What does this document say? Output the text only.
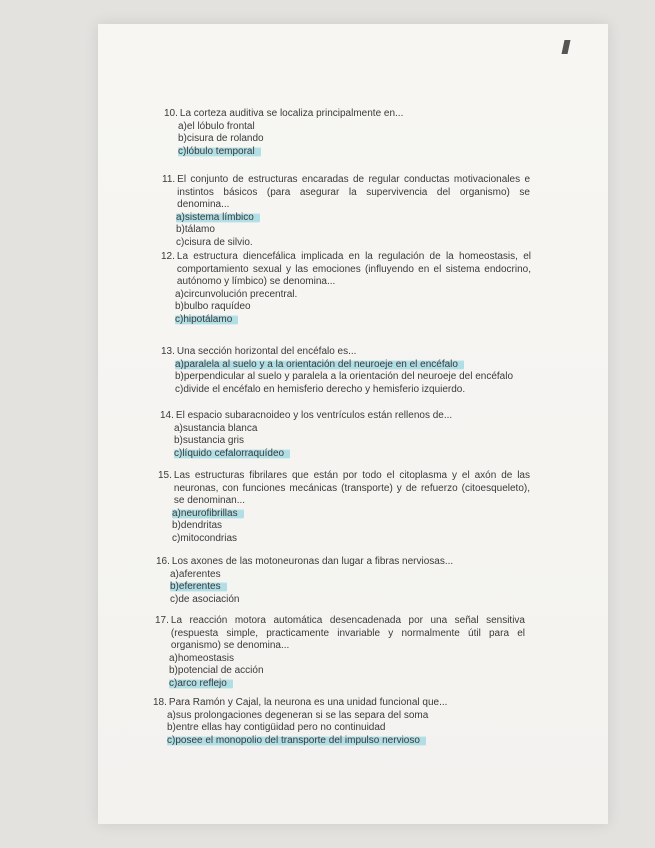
10. La corteza auditiva se localiza principalmente en...
a)el lóbulo frontal
b)cisura de rolando
c)lóbulo temporal
11. El conjunto de estructuras encaradas de regular conductas motivacionales e instintos básicos (para asegurar la supervivencia del organismo) se denomina...
a)sistema límbico
b)tálamo
c)cisura de silvio.
12. La estructura diencefálica implicada en la regulación de la homeostasis, el comportamiento sexual y las emociones (influyendo en el sistema endocrino, autónomo y límbico) se denomina...
a)circunvolución precentral.
b)bulbo raquídeo
c)hipotálamo
13. Una sección horizontal del encéfalo es...
a)paralela al suelo y a la orientación del neuroeje en el encéfalo
b)perpendicular al suelo y paralela a la orientación del neuroeje del encéfalo
c)divide el encéfalo en hemisferio derecho y hemisferio izquierdo.
14. El espacio subaracnoideo y los ventrículos están rellenos de...
a)sustancia blanca
b)sustancia gris
c)líquido cefalorraquídeo
15. Las estructuras fibrilares que están por todo el citoplasma y el axón de las neuronas, con funciones mecánicas (transporte) y de refuerzo (citoesqueleto), se denominan...
a)neurofibrillas
b)dendritas
c)mitocondrias
16. Los axones de las motoneuronas dan lugar a fibras nerviosas...
a)aferentes
b)eferentes
c)de asociación
17. La reacción motora automática desencadenada por una señal sensitiva (respuesta simple, practicamente invariable y normalmente útil para el organismo) se denomina...
a)homeostasis
b)potencial de acción
c)arco reflejo
18. Para Ramón y Cajal, la neurona es una unidad funcional que...
a)sus prolongaciones degeneran si se las separa del soma
b)entre ellas hay contigüidad pero no continuidad
c)posee el monopolio del transporte del impulso nervioso
